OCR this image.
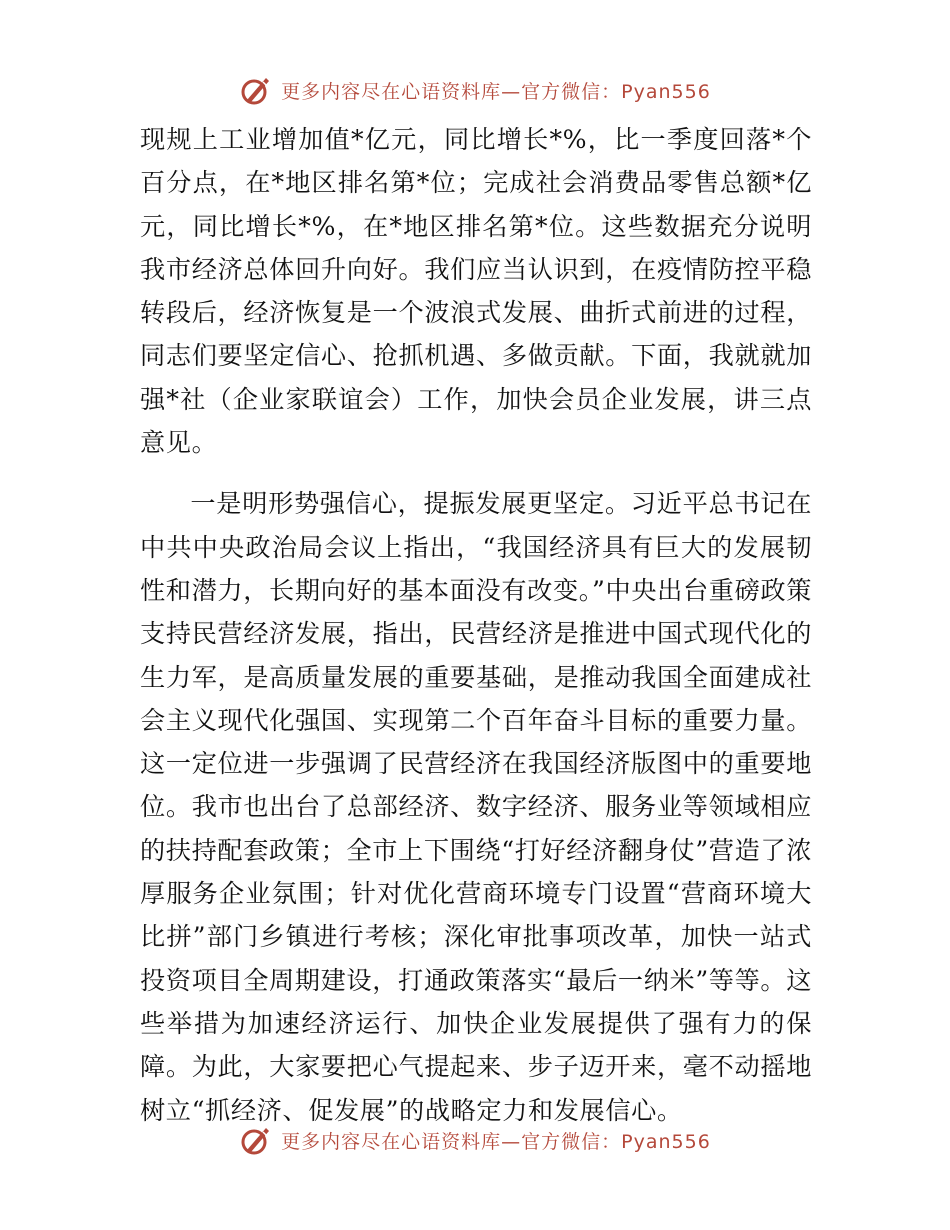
更多内容尽在心语资料库—官方微信：Pyan556

现规上工业增加值*亿元，同比增长*%，比一季度回落*个百分点，在*地区排名第*位；完成社会消费品零售总额*亿元，同比增长*%，在*地区排名第*位。这些数据充分说明我市经济总体回升向好。我们应当认识到，在疫情防控平稳转段后，经济恢复是一个波浪式发展、曲折式前进的过程，同志们要坚定信心、抢抓机遇、多做贡献。下面，我就就加强*社（企业家联谊会）工作，加快会员企业发展，讲三点意见。

一是明形势强信心，提振发展更坚定。习近平总书记在中共中央政治局会议上指出，“我国经济具有巨大的发展韧性和潜力，长期向好的基本面没有改变。”中央出台重磅政策支持民营经济发展，指出，民营经济是推进中国式现代化的生力军，是高质量发展的重要基础，是推动我国全面建成社会主义现代化强国、实现第二个百年奋斗目标的重要力量。这一定位进一步强调了民营经济在我国经济版图中的重要地位。我市也出台了总部经济、数字经济、服务业等领域相应的扶持配套政策；全市上下围绕“打好经济翻身仗”营造了浓厚服务企业氛围；针对优化营商环境专门设置“营商环境大比拼”部门乡镇进行考核；深化审批事项改革，加快一站式投资项目全周期建设，打通政策落实“最后一纳米”等等。这些举措为加速经济运行、加快企业发展提供了强有力的保障。为此，大家要把心气提起来、步子迈开来，毫不动摇地树立“抓经济、促发展”的战略定力和发展信心。

更多内容尽在心语资料库—官方微信：Pyan556
